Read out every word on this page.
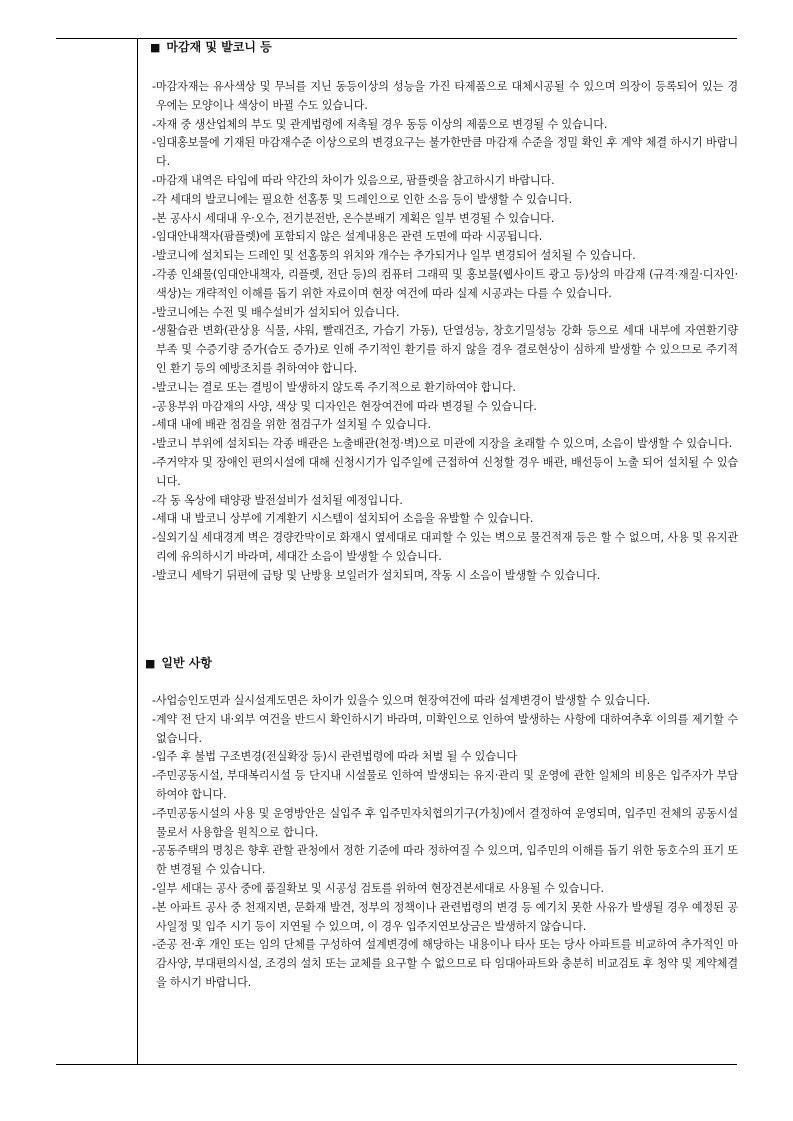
■ 마감재 및 발코니 등
-마감자재는 유사색상 및 무늬를 지닌 동등이상의 성능을 가진 타제품으로 대체시공될 수 있으며 의장이 등록되어 있는 경우에는 모양이나 색상이 바뀔 수도 있습니다.
-자재 중 생산업체의 부도 및 관계법령에 저촉될 경우 동등 이상의 제품으로 변경될 수 있습니다.
-임대홍보물에 기재된 마감재수준 이상으로의 변경요구는 불가한만큼 마감재 수준을 정밀 확인 후 계약 체결 하시기 바랍니다.
-마감재 내역은 타입에 따라 약간의 차이가 있음으로, 팜플렛을 참고하시기 바랍니다.
-각 세대의 발코니에는 필요한 선홈통 및 드레인으로 인한 소음 등이 발생할 수 있습니다.
-본 공사시 세대내 우·오수, 전기분전반, 온수분배기 계획은 일부 변경될 수 있습니다.
-임대안내책자(팜플렛)에 포함되지 않은 설계내용은 관련 도면에 따라 시공됩니다.
-발코니에 설치되는 드레인 및 선홈통의 위치와 개수는 추가되거나 일부 변경되어 설치될 수 있습니다.
-각종 인쇄물(임대안내책자, 리플렛, 전단 등)의 컴퓨터 그래픽 및 홍보물(웹사이트 광고 등)상의 마감재 (규격·재질·디자인·색상)는 개략적인 이해를 돕기 위한 자료이며 현장 여건에 따라 실제 시공과는 다를 수 있습니다.
-발코니에는 수전 및 배수설비가 설치되어 있습니다.
-생활습관 변화(관상용 식물, 샤워, 빨래건조, 가습기 가동), 단열성능, 창호기밀성능 강화 등으로 세대 내부에 자연환기량 부족 및 수증기량 증가(습도 증가)로 인해 주기적인 환기를 하지 않을 경우 결로현상이 심하게 발생할 수 있으므로 주기적인 환기 등의 예방조치를 취하여야 합니다.
-발코니는 결로 또는 결빙이 발생하지 않도록 주기적으로 환기하여야 합니다.
-공용부위 마감재의 사양, 색상 및 디자인은 현장여건에 따라 변경될 수 있습니다.
-세대 내에 배관 점검을 위한 점검구가 설치될 수 있습니다.
-발코니 부위에 설치되는 각종 배관은 노출배관(천정·벽)으로 미관에 지장을 초래할 수 있으며, 소음이 발생할 수 있습니다.
-주거약자 및 장애인 편의시설에 대해 신청시기가 입주일에 근접하여 신청할 경우 배관, 배선등이 노출 되어 설치될 수 있습니다.
-각 동 옥상에 태양광 발전설비가 설치될 예정입니다.
-세대 내 발코니 상부에 기계환기 시스템이 설치되어 소음을 유발할 수 있습니다.
-실외기실 세대경계 벽은 경량칸막이로 화재시 옆세대로 대피할 수 있는 벽으로 물건적재 등은 할 수 없으며, 사용 및 유지관리에 유의하시기 바라며, 세대간 소음이 발생할 수 있습니다.
-발코니 세탁기 뒤편에 급탕 및 난방용 보일러가 설치되며, 작동 시 소음이 발생할 수 있습니다.
■ 일반 사항
-사업승인도면과 실시설계도면은 차이가 있을수 있으며 현장여건에 따라 설계변경이 발생할 수 있습니다.
-계약 전 단지 내·외부 여건을 반드시 확인하시기 바라며, 미확인으로 인하여 발생하는 사항에 대하여추후 이의를 제기할 수 없습니다.
-입주 후 불법 구조변경(전실확장 등)시 관련법령에 따라 처벌 될 수 있습니다
-주민공동시설, 부대복리시설 등 단지내 시설물로 인하여 발생되는 유지·관리 및 운영에 관한 일체의 비용은 입주자가 부담하여야 합니다.
-주민공동시설의 사용 및 운영방안은 실입주 후 입주민자치협의기구(가칭)에서 결정하여 운영되며, 입주민 전체의 공동시설물로서 사용함을 원칙으로 합니다.
-공동주택의 명칭은 향후 관할 관청에서 정한 기준에 따라 정하여질 수 있으며, 입주민의 이해를 돕기 위한 동호수의 표기 또한 변경될 수 있습니다.
-일부 세대는 공사 중에 품질확보 및 시공성 검토를 위하여 현장견본세대로 사용될 수 있습니다.
-본 아파트 공사 중 천재지변, 문화재 발견, 정부의 정책이나 관련법령의 변경 등 예기치 못한 사유가 발생될 경우 예정된 공사일정 및 입주 시기 등이 지연될 수 있으며, 이 경우 입주지연보상금은 발생하지 않습니다.
-준공 전·후 개인 또는 임의 단체를 구성하여 설계변경에 해당하는 내용이나 타사 또는 당사 아파트를 비교하여 추가적인 마감사양, 부대편의시설, 조경의 설치 또는 교체를 요구할 수 없으므로 타 임대아파트와 충분히 비교검토 후 청약 및 계약체결을 하시기 바랍니다.
